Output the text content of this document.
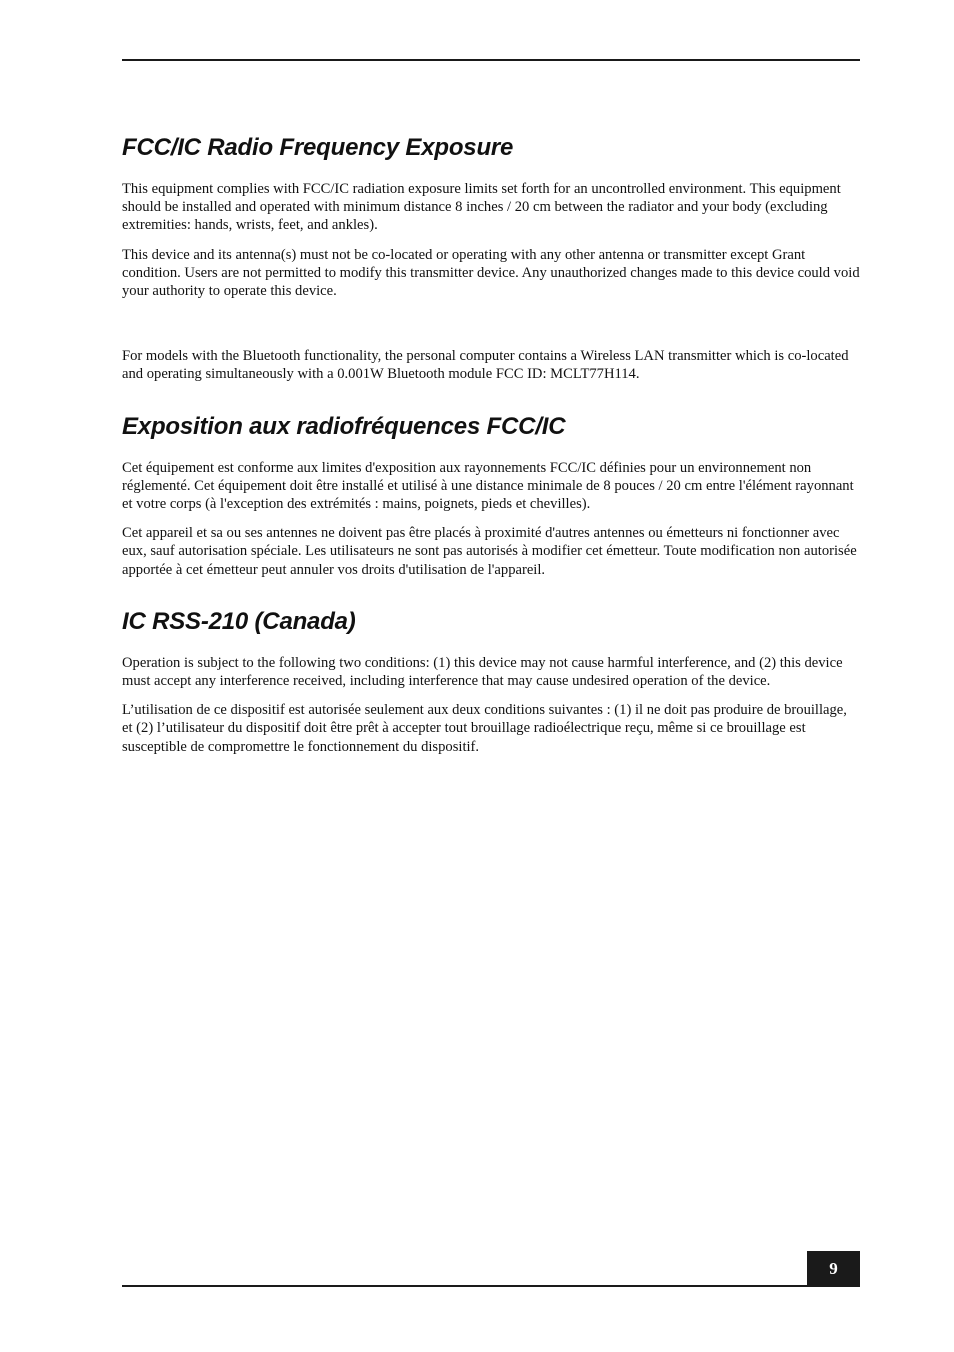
FCC/IC Radio Frequency Exposure

This equipment complies with FCC/IC radiation exposure limits set forth for an uncontrolled environment. This equipment should be installed and operated with minimum distance 8 inches / 20 cm between the radiator and your body (excluding extremities: hands, wrists, feet, and ankles).

This device and its antenna(s) must not be co-located or operating with any other antenna or transmitter except Grant condition. Users are not permitted to modify this transmitter device. Any unauthorized changes made to this device could void your authority to operate this device.

For models with the Bluetooth functionality, the personal computer contains a Wireless LAN transmitter which is co-located and operating simultaneously with a 0.001W Bluetooth module FCC ID: MCLT77H114.

Exposition aux radiofréquences FCC/IC

Cet équipement est conforme aux limites d'exposition aux rayonnements FCC/IC définies pour un environnement non réglementé. Cet équipement doit être installé et utilisé à une distance minimale de 8 pouces / 20 cm entre l'élément rayonnant et votre corps (à l'exception des extrémités : mains, poignets, pieds et chevilles).

Cet appareil et sa ou ses antennes ne doivent pas être placés à proximité d'autres antennes ou émetteurs ni fonctionner avec eux, sauf autorisation spéciale. Les utilisateurs ne sont pas autorisés à modifier cet émetteur. Toute modification non autorisée apportée à cet émetteur peut annuler vos droits d'utilisation de l'appareil.

IC RSS-210 (Canada)

Operation is subject to the following two conditions: (1) this device may not cause harmful interference, and (2) this device must accept any interference received, including interference that may cause undesired operation of the device.

L’utilisation de ce dispositif est autorisée seulement aux deux conditions suivantes : (1) il ne doit pas produire de brouillage, et (2) l’utilisateur du dispositif doit être prêt à accepter tout brouillage radioélectrique reçu, même si ce brouillage est susceptible de compromettre le fonctionnement du dispositif.

9
